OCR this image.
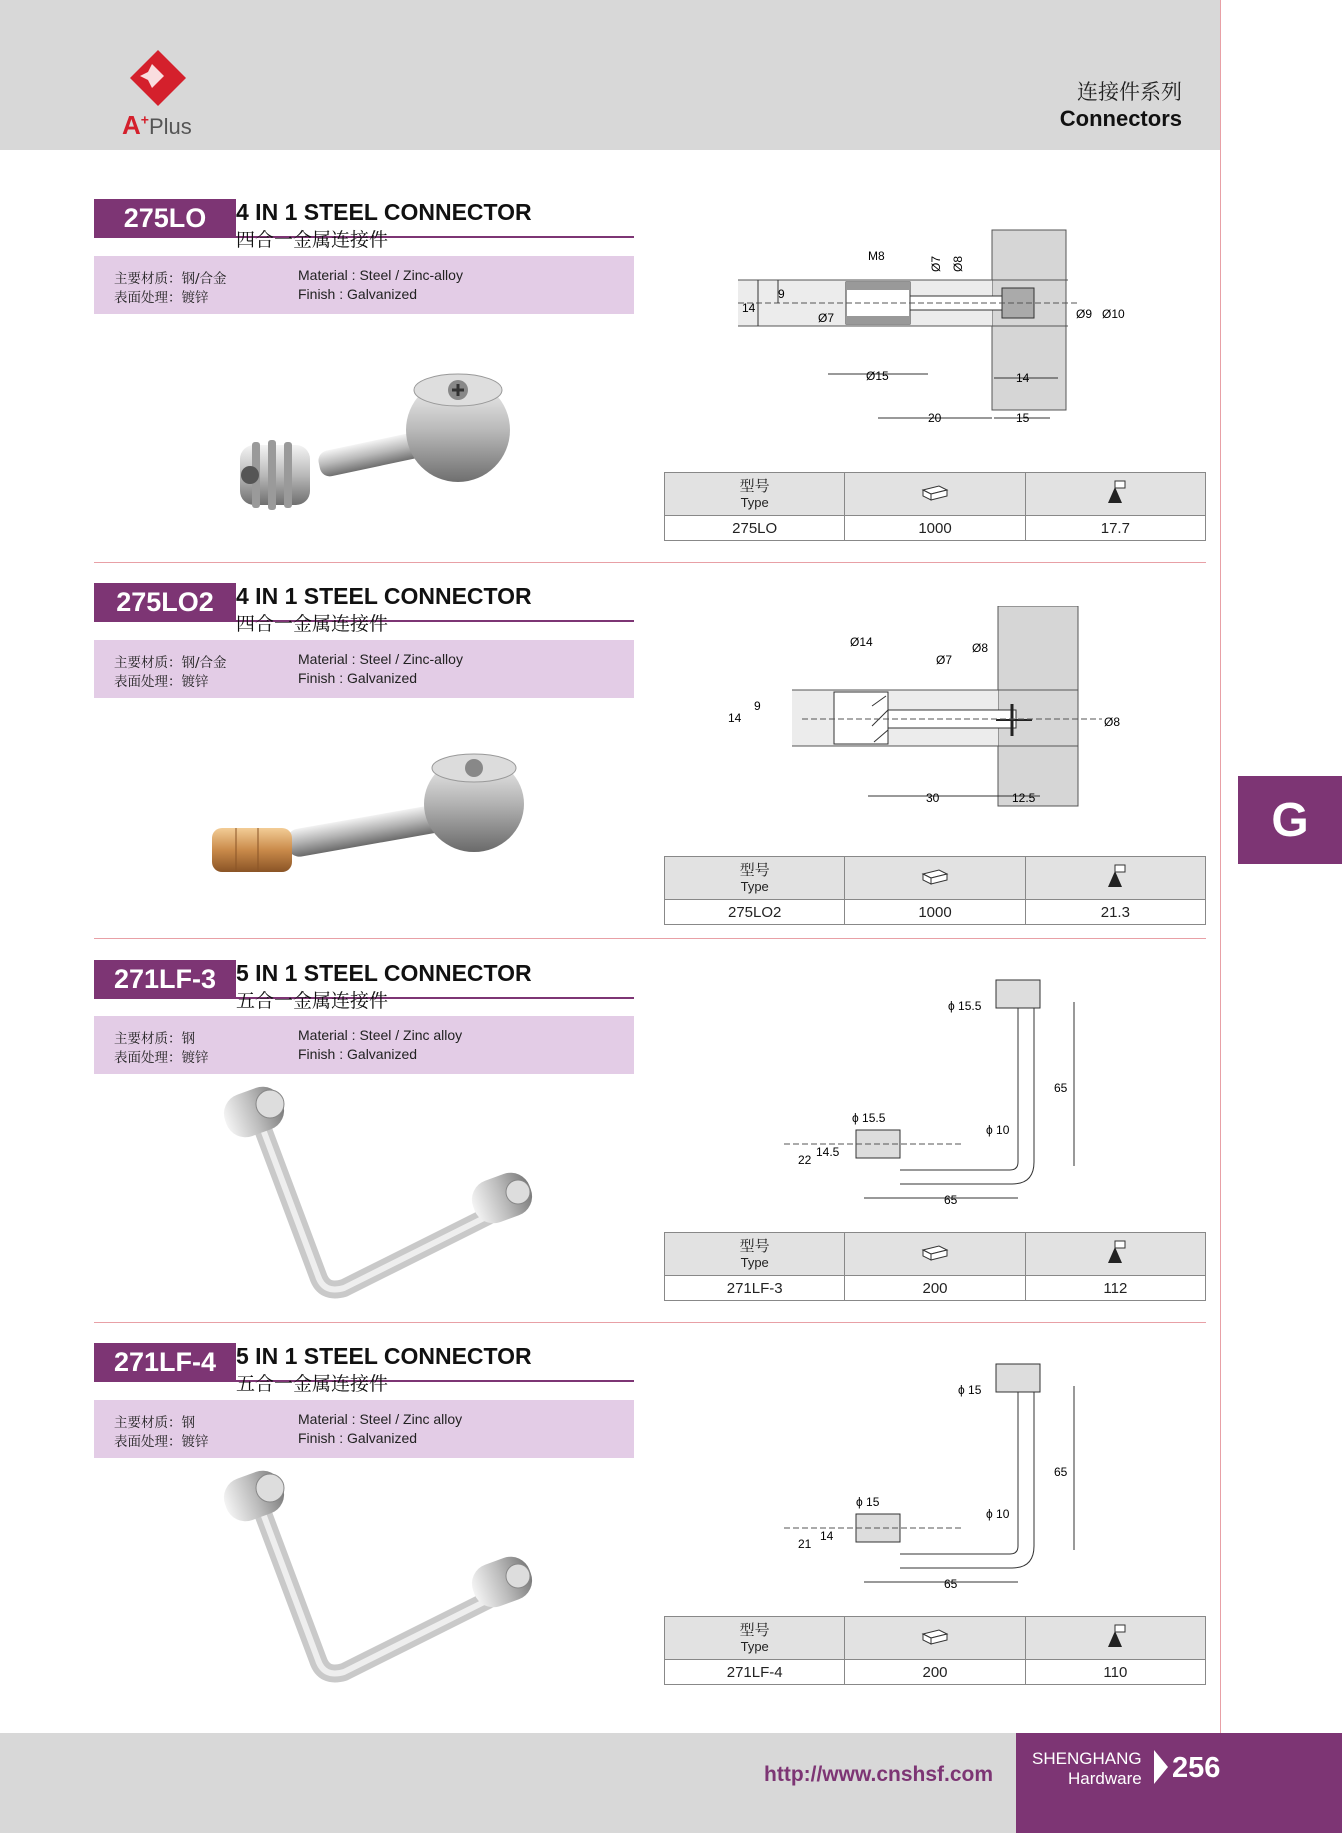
A+Plus
连接件系列
Connectors
G
275LO	4 IN 1 STEEL CONNECTOR
四合一金属连接件
主要材质：钢/合金
表面处理：镀锌
Material : Steel / Zinc-alloy
Finish : Galvanized
14
9
Ø7
M8	Ø7 Ø8
Ø9 Ø10
Ø15	14
20	15
型号
Type

275LO	1000	17.7
275LO2 4 IN 1 STEEL CONNECTOR
四合一金属连接件
主要材质：钢/合金
表面处理：镀锌
Material : Steel / Zinc-alloy
Finish : Galvanized
14
9
Ø14
Ø7
Ø8
Ø8
30	12.5
型号
Type

275LO2	1000	21.3
271LF-3 5 IN 1 STEEL CONNECTOR
五合一金属连接件
主要材质：钢
表面处理：镀锌
Material : Steel / Zinc alloy
Finish : Galvanized
ϕ 15.5
65
ϕ 10
ϕ 15.5
22
14.5
65
型号
Type

271LF-3	200	112
271LF-4 5 IN 1 STEEL CONNECTOR
五合一金属连接件
主要材质：钢
表面处理：镀锌
Material : Steel / Zinc alloy
Finish : Galvanized
ϕ 15
65
ϕ 10
ϕ 15
21
14
65
型号
Type

271LF-4	200	110
http://www.cnshsf.com
SHENGHANG
Hardware 256
